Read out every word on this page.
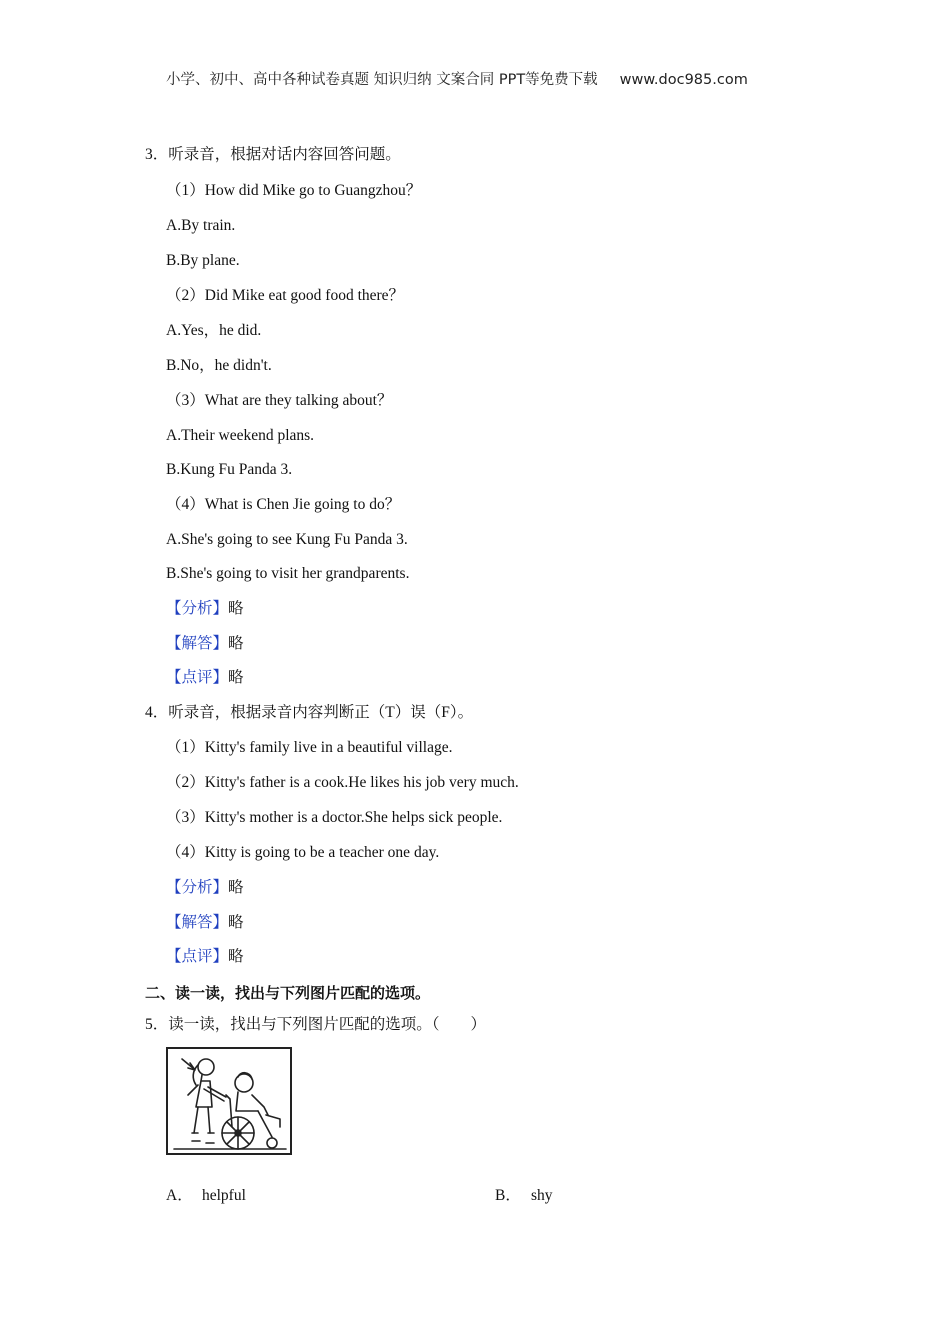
小学、初中、高中各种试卷真题 知识归纳 文案合同 PPT等免费下载 www.doc985.com
3．听录音，根据对话内容回答问题。
（1）How did Mike go to Guangzhou？
A.By train.
B.By plane.
（2）Did Mike eat good food there？
A.Yes，he did.
B.No，he didn't.
（3）What are they talking about？
A.Their weekend plans.
B.Kung Fu Panda 3.
（4）What is Chen Jie going to do？
A.She's going to see Kung Fu Panda 3.
B.She's going to visit her grandparents.
【分析】略
【解答】略
【点评】略
4．听录音，根据录音内容判断正（T）误（F）。
（1）Kitty's family live in a beautiful village.
（2）Kitty's father is a cook.He likes his job very much.
（3）Kitty's mother is a doctor.She helps sick people.
（4）Kitty is going to be a teacher one day.
【分析】略
【解答】略
【点评】略
二、读一读，找出与下列图片匹配的选项。
5．读一读，找出与下列图片匹配的选项。（　　）
A． helpful	B． shy
